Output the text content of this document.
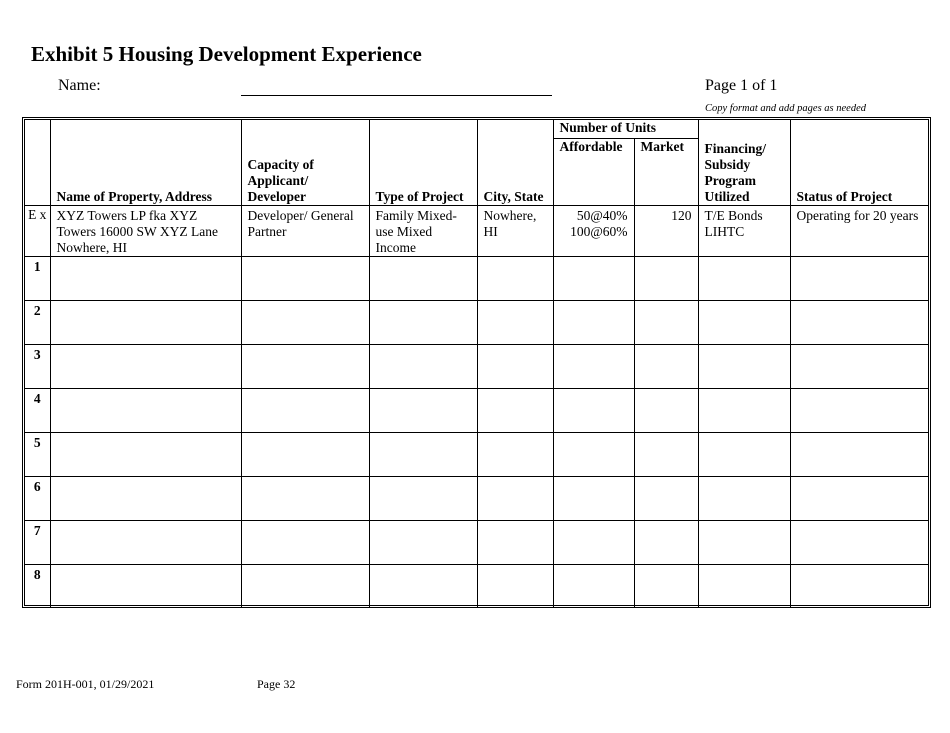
Exhibit 5 Housing Development Experience
Name:	Page 1 of 1
Copy format and add pages as needed
	Name of Property, Address	Capacity of Applicant/ Developer	Type of Project	City, State	Number of Units		Financing/ Subsidy Program Utilized	Status of Project
					Affordable	Market		
E x	XYZ Towers LP fka XYZ Towers 16000 SW XYZ Lane Nowhere, HI	Developer/ General Partner	Family Mixed-use Mixed Income	Nowhere, HI	50@40% 100@60%	120	T/E Bonds LIHTC	Operating for 20 years
1								
2								
3								
4								
5								
6								
7								
8								
Form 201H-001, 01/29/2021	Page 32
